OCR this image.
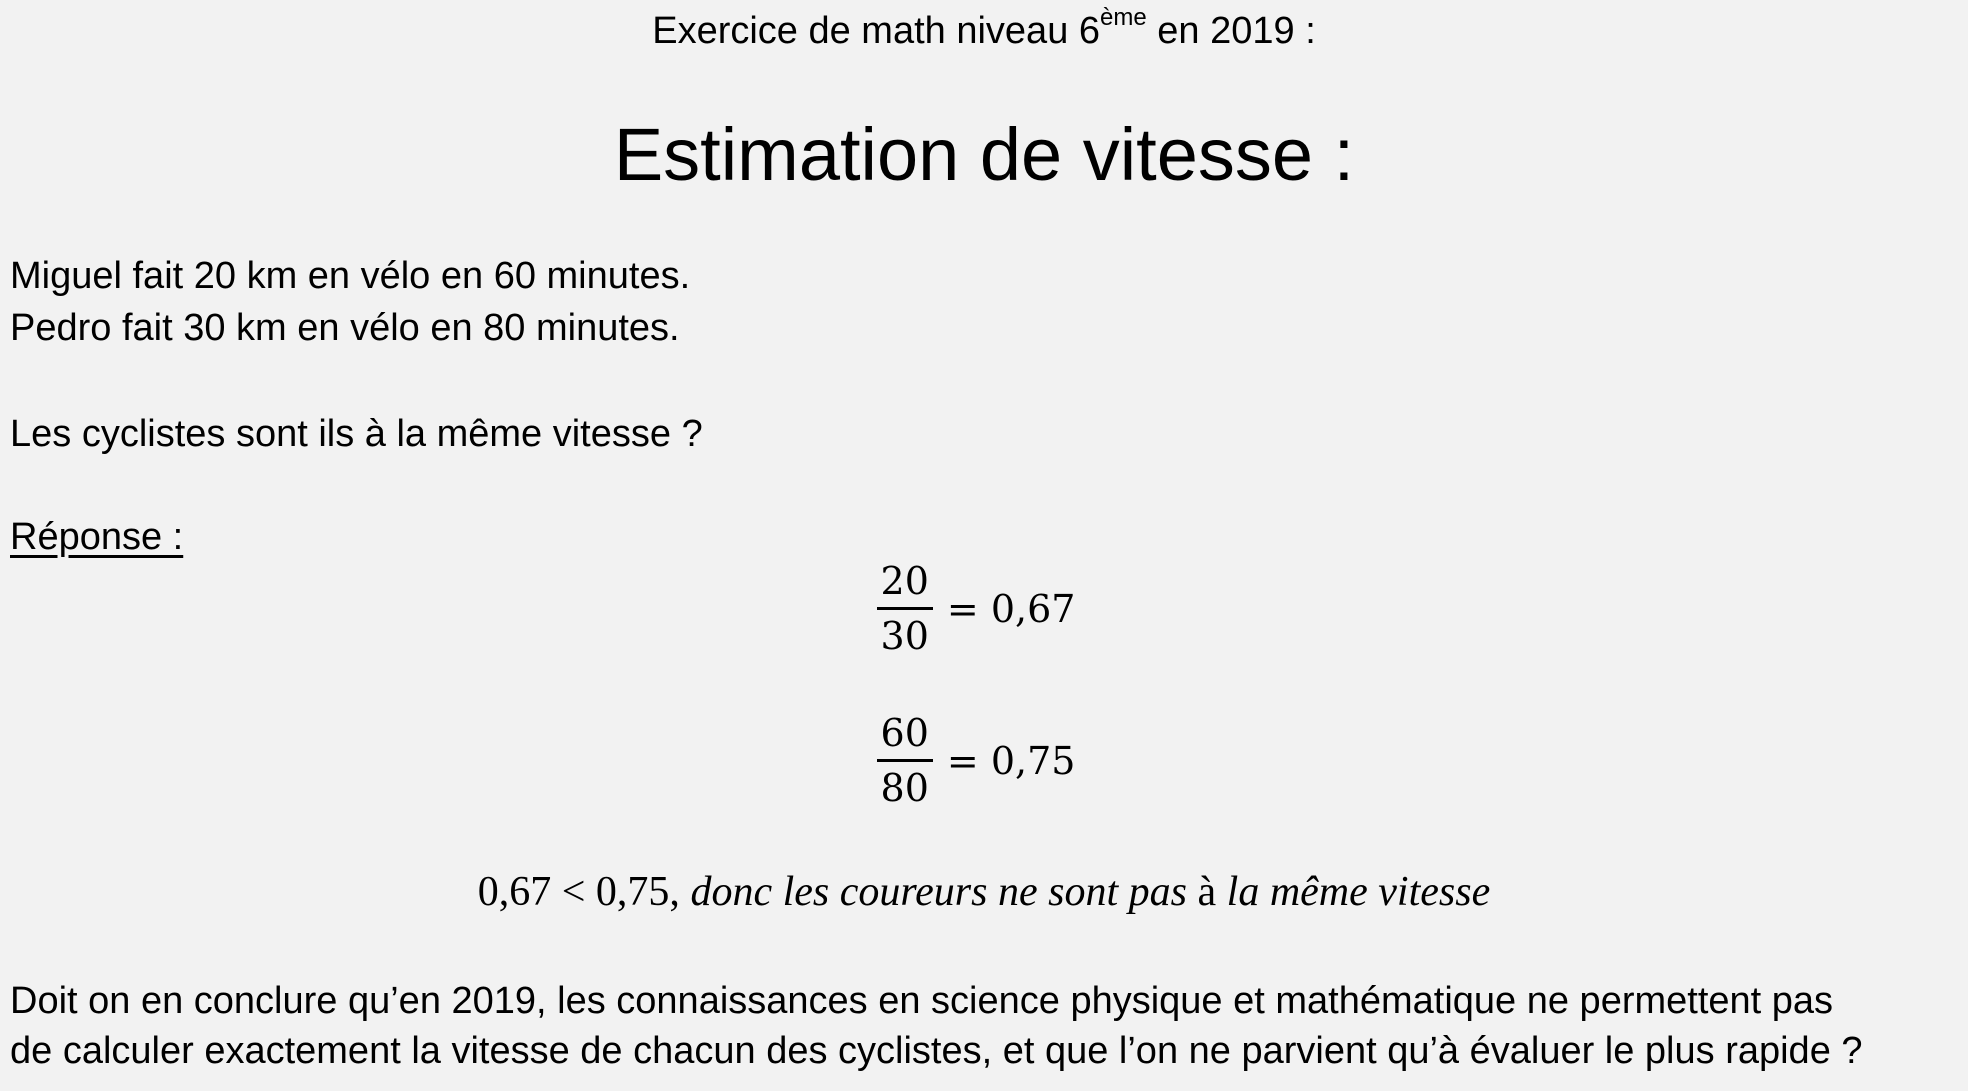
Exercice de math niveau 6ème en 2019 :
Estimation de vitesse :
Miguel fait 20 km en vélo en 60 minutes.
Pedro fait 30 km en vélo en 80 minutes.
Les cyclistes sont ils à la même vitesse ?
Réponse :
$\frac{20}{30} = 0,67$
$\frac{60}{80} = 0,75$
0,67 < 0,75, donc les coureurs ne sont pas à la même vitesse
Doit on en conclure qu’en 2019, les connaissances en science physique et mathématique ne permettent pas
de calculer exactement la vitesse de chacun des cyclistes, et que l’on ne parvient qu’à évaluer le plus rapide ?
